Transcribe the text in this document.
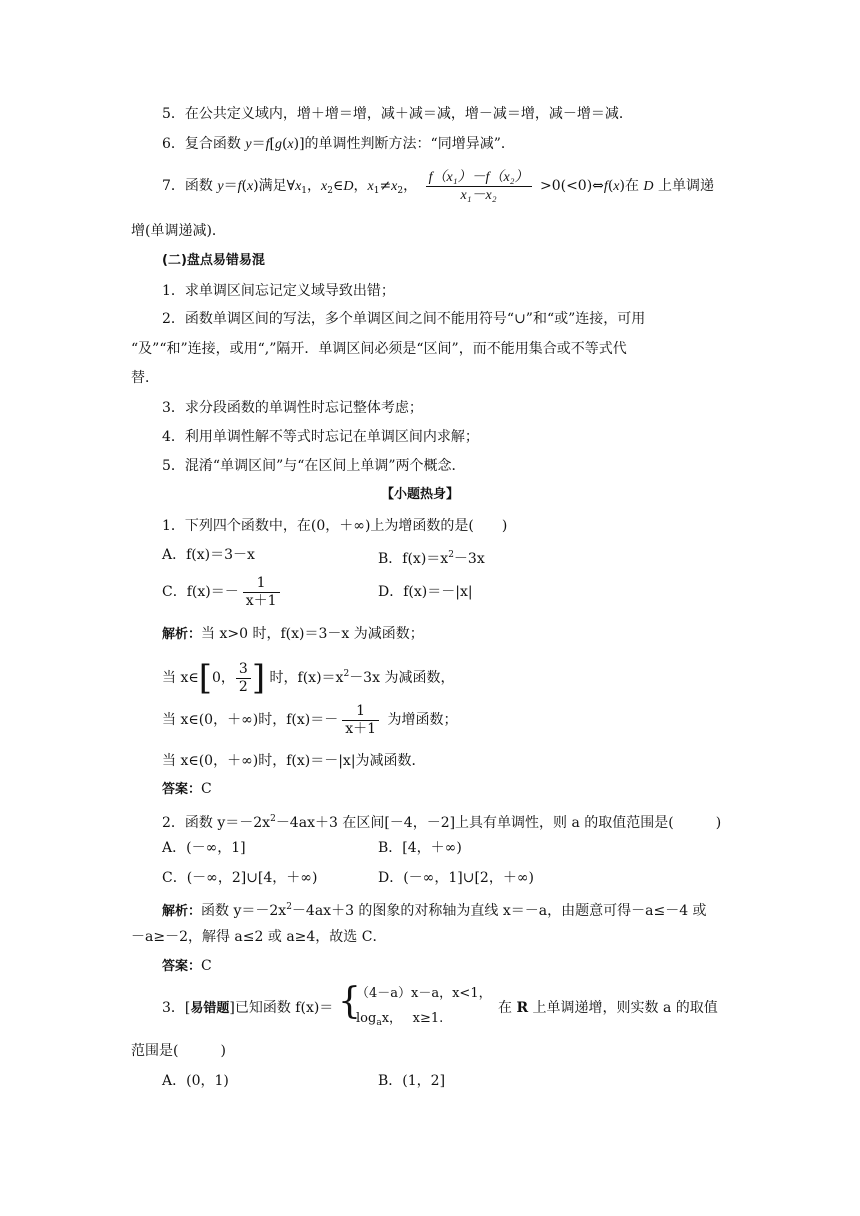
5．在公共定义域内，增＋增＝增，减＋减＝减，增－减＝增，减－增＝减．
6．复合函数 y＝f[g(x)]的单调性判断方法：“同增异减”．
7．函数 y＝f(x)满足$\forall x_1$，$x_2\in D$，$x_1\ne x_2$， $\frac{\text{f（x₁）－f（x₂）}}{\text{x₁－x₂}}$ >0(<0)⇔f(x)在 D 上单调递
增(单调递减)．
(二)盘点易错易混
1．求单调区间忘记定义域导致出错；
2．函数单调区间的写法，多个单调区间之间不能用符号“∪”和“或”连接，可用
“及”“和”连接，或用“,”隔开．单调区间必须是“区间”，而不能用集合或不等式代
替．
3．求分段函数的单调性时忘记整体考虑；
4．利用单调性解不等式时忘记在单调区间内求解；
5．混淆“单调区间”与“在区间上单调”两个概念．
【小题热身】
1．下列四个函数中，在(0，＋∞)上为增函数的是(　　)
A．f(x)＝3－x	B．$f(x)=x^2-3x$
C．$f(x)=- \frac{1}{x+1}$	D．f(x)＝－|x|
解析：当 x>0 时，f(x)＝3－x 为减函数；
当 x∈[0， $\frac{3}{2}$ ] 时，$f(x)=x^2-3x$ 为减函数，
当 x∈(0，＋∞)时，$f(x)=- \frac{1}{x+1}$ 为增函数；
当 x∈(0，＋∞)时，f(x)＝－|x|为减函数．
答案：C
2．函数 $y=-2x^2-4ax+3$ 在区间[－4，－2]上具有单调性，则 a 的取值范围是(　　　)
A．(－∞，1]	B．[4，＋∞)
C．(－∞，2]∪[4，＋∞)	D．(－∞，1]∪[2，＋∞)
解析：函数 $y=-2x^2-4ax+3$ 的图象的对称轴为直线 x＝－a，由题意可得－a≤－4 或
－a≥－2，解得 a≤2 或 a≥4，故选 C．
答案：C
3．[易错题]已知函数 f(x)＝ {
（4－a）x－a，x<1，
$\log_ax$，　 x≥1.
在 R 上单调递增，则实数 a 的取值
范围是(　　　)
A．(0，1)	B．(1，2]
